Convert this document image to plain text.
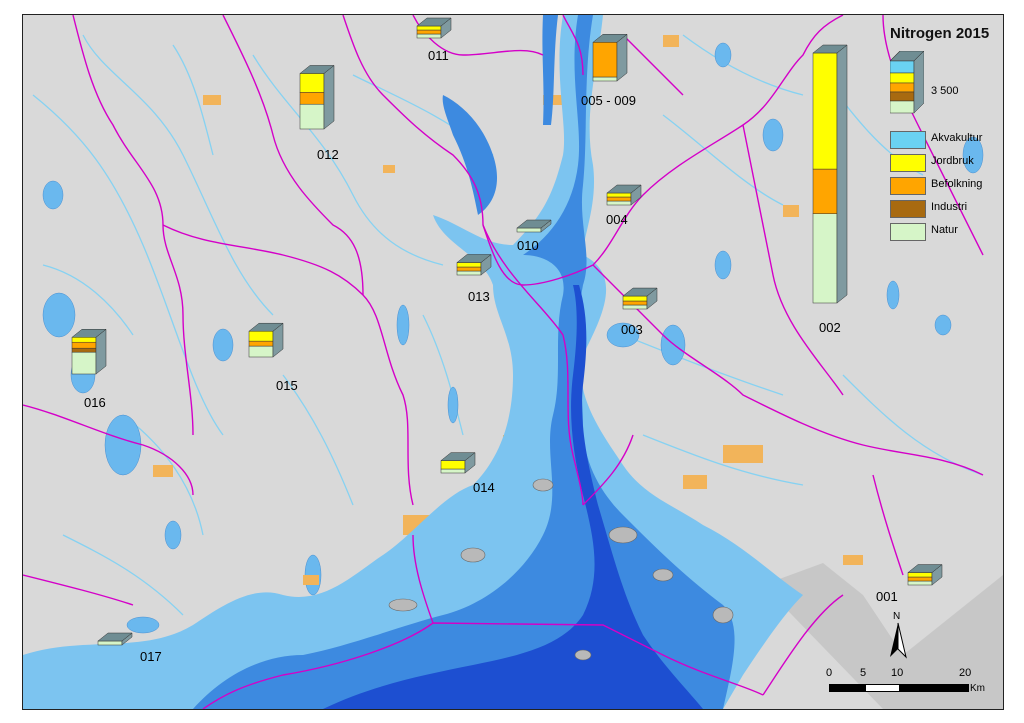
001
002
003
004
005 - 009
010
011
012
013
014
015
016
017
Nitrogen 2015
3 500
Akvakultur
Jordbruk
Befolkning
Industri
Natur
N
0	5 10	20
Km
